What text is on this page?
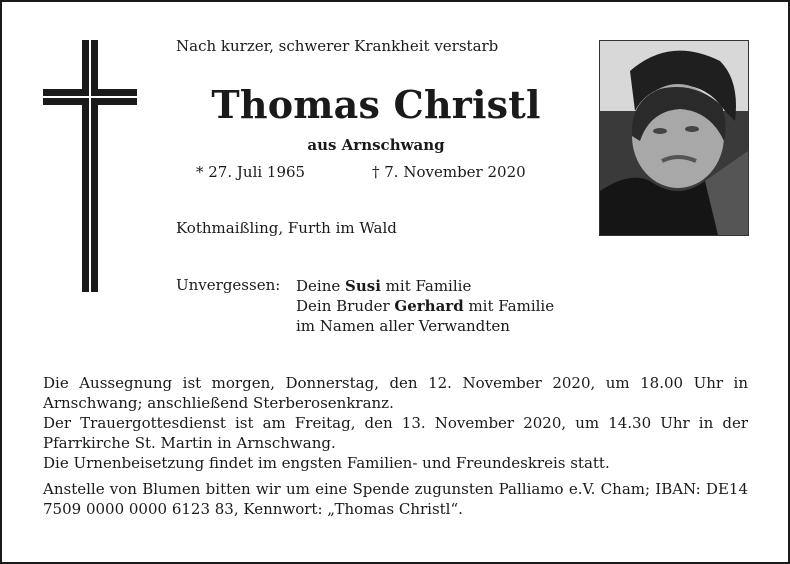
Nach kurzer, schwerer Krankheit verstarb
Thomas Christl
aus Arnschwang
* 27. Juli 1965	† 7. November 2020
Kothmaißling, Furth im Wald
Unvergessen: Deine Susi mit Familie
Dein Bruder Gerhard mit Familie
im Namen aller Verwandten

Die Aussegnung ist morgen, Donnerstag, den 12. November 2020, um 18.00 Uhr in Arnschwang; anschließend Sterberosenkranz.

Der Trauergottesdienst ist am Freitag, den 13. November 2020, um 14.30 Uhr in der Pfarrkirche St. Martin in Arnschwang.

Die Urnenbeisetzung findet im engsten Familien- und Freundeskreis statt.

Anstelle von Blumen bitten wir um eine Spende zugunsten Palliamo e.V. Cham; IBAN: DE14 7509 0000 0000 6123 83, Kennwort: „Thomas Christl“.
